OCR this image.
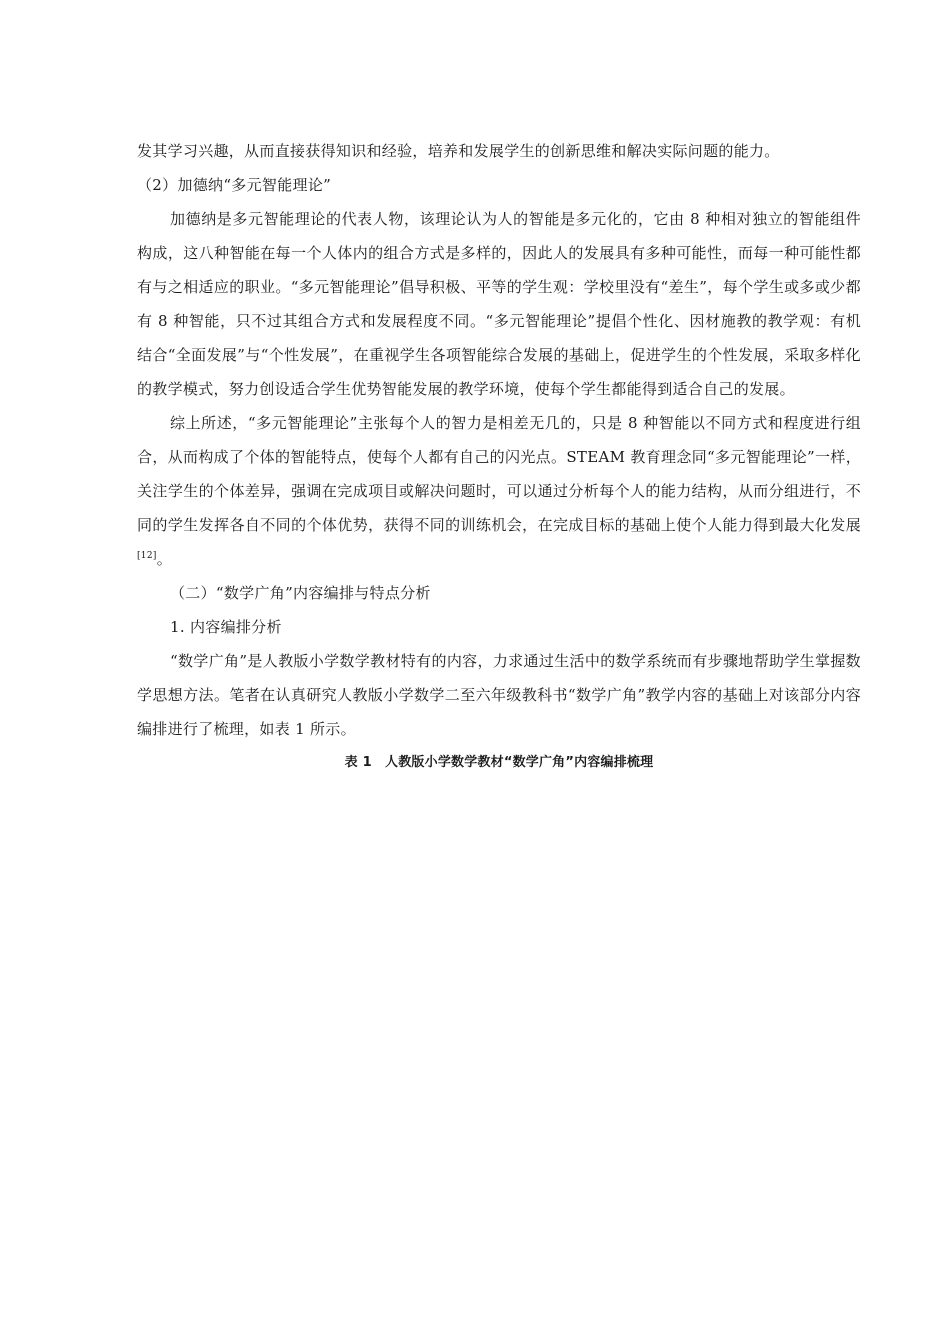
发其学习兴趣，从而直接获得知识和经验，培养和发展学生的创新思维和解决实际问题的能力。

（2）加德纳“多元智能理论”

加德纳是多元智能理论的代表人物，该理论认为人的智能是多元化的，它由 8 种相对独立的智能组件构成，这八种智能在每一个人体内的组合方式是多样的，因此人的发展具有多种可能性，而每一种可能性都有与之相适应的职业。“多元智能理论”倡导积极、平等的学生观：学校里没有“差生”，每个学生或多或少都有 8 种智能，只不过其组合方式和发展程度不同。“多元智能理论”提倡个性化、因材施教的教学观：有机结合“全面发展”与“个性发展”，在重视学生各项智能综合发展的基础上，促进学生的个性发展，采取多样化的教学模式，努力创设适合学生优势智能发展的教学环境，使每个学生都能得到适合自己的发展。

综上所述，“多元智能理论”主张每个人的智力是相差无几的，只是 8 种智能以不同方式和程度进行组合，从而构成了个体的智能特点，使每个人都有自己的闪光点。STEAM 教育理念同“多元智能理论”一样，关注学生的个体差异，强调在完成项目或解决问题时，可以通过分析每个人的能力结构，从而分组进行，不同的学生发挥各自不同的个体优势，获得不同的训练机会，在完成目标的基础上使个人能力得到最大化发展[12]。

（二）“数学广角”内容编排与特点分析

1. 内容编排分析

“数学广角”是人教版小学数学教材特有的内容，力求通过生活中的数学系统而有步骤地帮助学生掌握数学思想方法。笔者在认真研究人教版小学数学二至六年级教科书“数学广角”教学内容的基础上对该部分内容编排进行了梳理，如表 1 所示。

表 1　人教版小学数学教材“数学广角”内容编排梳理
